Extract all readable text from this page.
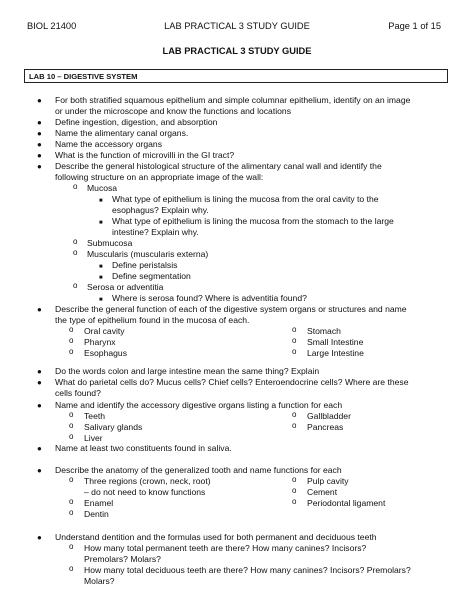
BIOL 21400	LAB PRACTICAL 3 STUDY GUIDE	Page 1 of 15
LAB PRACTICAL 3 STUDY GUIDE
LAB 10 – DIGESTIVE SYSTEM
● For both stratified squamous epithelium and simple columnar epithelium, identify on an image
or under the microscope and know the functions and locations
● Define ingestion, digestion, and absorption
● Name the alimentary canal organs.
● Name the accessory organs
● What is the function of microvilli in the GI tract?
● Describe the general histological structure of the alimentary canal wall and identify the
following structure on an appropriate image of the wall:
o Mucosa
■ What type of epithelium is lining the mucosa from the oral cavity to the
esophagus? Explain why.
■ What type of epithelium is lining the mucosa from the stomach to the large
intestine? Explain why.
o Submucosa
o Muscularis (muscularis externa)
■ Define peristalsis
■ Define segmentation
o Serosa or adventitia
■ Where is serosa found? Where is adventitia found?
● Describe the general function of each of the digestive system organs or structures and name
the type of epithelium found in the mucosa of each.
o Oral cavity
o Pharynx
o Esophagus
o Stomach
o Small Intestine
o Large Intestine
● Do the words colon and large intestine mean the same thing? Explain
● What do parietal cells do? Mucus cells? Chief cells? Enteroendocrine cells? Where are these
cells found?
● Name and identify the accessory digestive organs listing a function for each
o Teeth
o Salivary glands
o Liver
o Gallbladder
o Pancreas
● Name at least two constituents found in saliva.
● Describe the anatomy of the generalized tooth and name functions for each
o Three regions (crown, neck, root)
– do not need to know functions
o Enamel
o Dentin
o Pulp cavity
o Cement
o Periodontal ligament
● Understand dentition and the formulas used for both permanent and deciduous teeth
o How many total permanent teeth are there? How many canines? Incisors?
Premolars? Molars?
o How many total deciduous teeth are there? How many canines? Incisors? Premolars?
Molars?
